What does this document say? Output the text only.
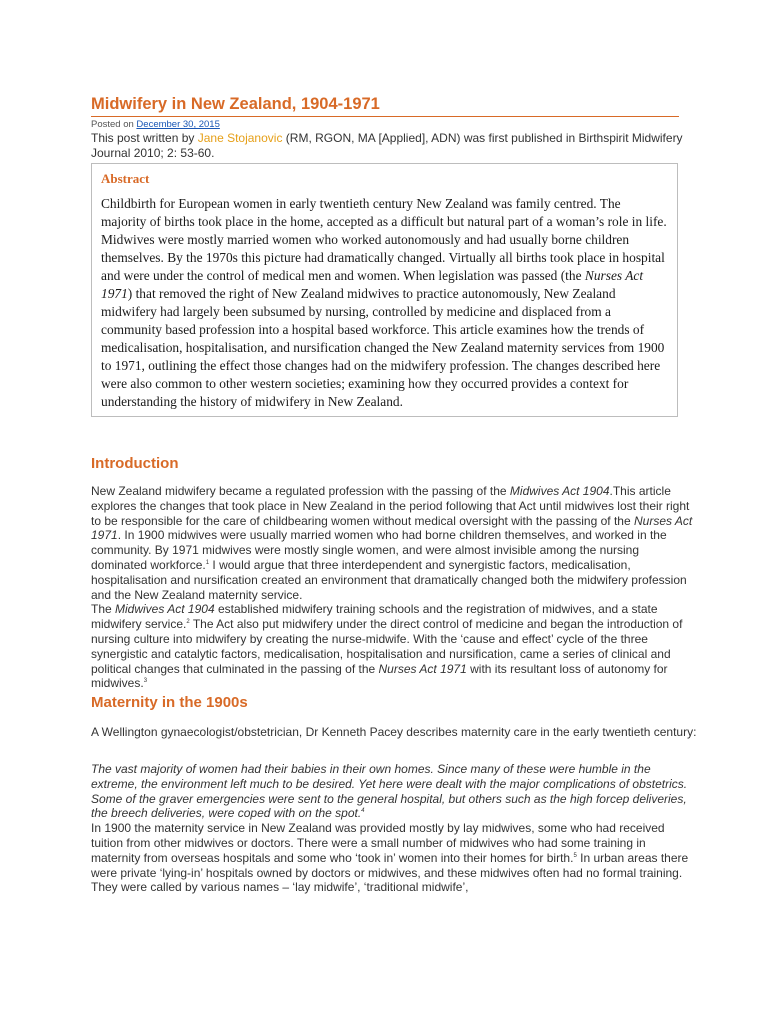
Midwifery in New Zealand, 1904-1971
Posted on December 30, 2015
This post written by Jane Stojanovic (RM, RGON, MA [Applied], ADN) was first published in Birthspirit Midwifery Journal 2010; 2: 53-60.
Abstract

Childbirth for European women in early twentieth century New Zealand was family centred. The majority of births took place in the home, accepted as a difficult but natural part of a woman’s role in life. Midwives were mostly married women who worked autonomously and had usually borne children themselves. By the 1970s this picture had dramatically changed. Virtually all births took place in hospital and were under the control of medical men and women. When legislation was passed (the Nurses Act 1971) that removed the right of New Zealand midwives to practice autonomously, New Zealand midwifery had largely been subsumed by nursing, controlled by medicine and displaced from a community based profession into a hospital based workforce. This article examines how the trends of medicalisation, hospitalisation, and nursification changed the New Zealand maternity services from 1900 to 1971, outlining the effect those changes had on the midwifery profession. The changes described here were also common to other western societies; examining how they occurred provides a context for understanding the history of midwifery in New Zealand.

Introduction

New Zealand midwifery became a regulated profession with the passing of the Midwives Act 1904.This article explores the changes that took place in New Zealand in the period following that Act until midwives lost their right to be responsible for the care of childbearing women without medical oversight with the passing of the Nurses Act 1971. In 1900 midwives were usually married women who had borne children themselves, and worked in the community. By 1971 midwives were mostly single women, and were almost invisible among the nursing dominated workforce.$^1$ I would argue that three interdependent and synergistic factors, medicalisation, hospitalisation and nursification created an environment that dramatically changed both the midwifery profession and the New Zealand maternity service.

The Midwives Act 1904 established midwifery training schools and the registration of midwives, and a state midwifery service.$^2$ The Act also put midwifery under the direct control of medicine and began the introduction of nursing culture into midwifery by creating the nurse-midwife. With the ‘cause and effect’ cycle of the three synergistic and catalytic factors, medicalisation, hospitalisation and nursification, came a series of clinical and political changes that culminated in the passing of the Nurses Act 1971 with its resultant loss of autonomy for midwives.$^3$

Maternity in the 1900s

A Wellington gynaecologist/obstetrician, Dr Kenneth Pacey describes maternity care in the early twentieth century:

The vast majority of women had their babies in their own homes. Since many of these were humble in the extreme, the environment left much to be desired. Yet here were dealt with the major complications of obstetrics. Some of the graver emergencies were sent to the general hospital, but others such as the high forcep deliveries, the breech deliveries, were coped with on the spot.$^4$

In 1900 the maternity service in New Zealand was provided mostly by lay midwives, some who had received tuition from other midwives or doctors. There were a small number of midwives who had some training in maternity from overseas hospitals and some who ‘took in’ women into their homes for birth.$^5$ In urban areas there were private ‘lying-in’ hospitals owned by doctors or midwives, and these midwives often had no formal training. They were called by various names – ‘lay midwife’, ‘traditional midwife’,
